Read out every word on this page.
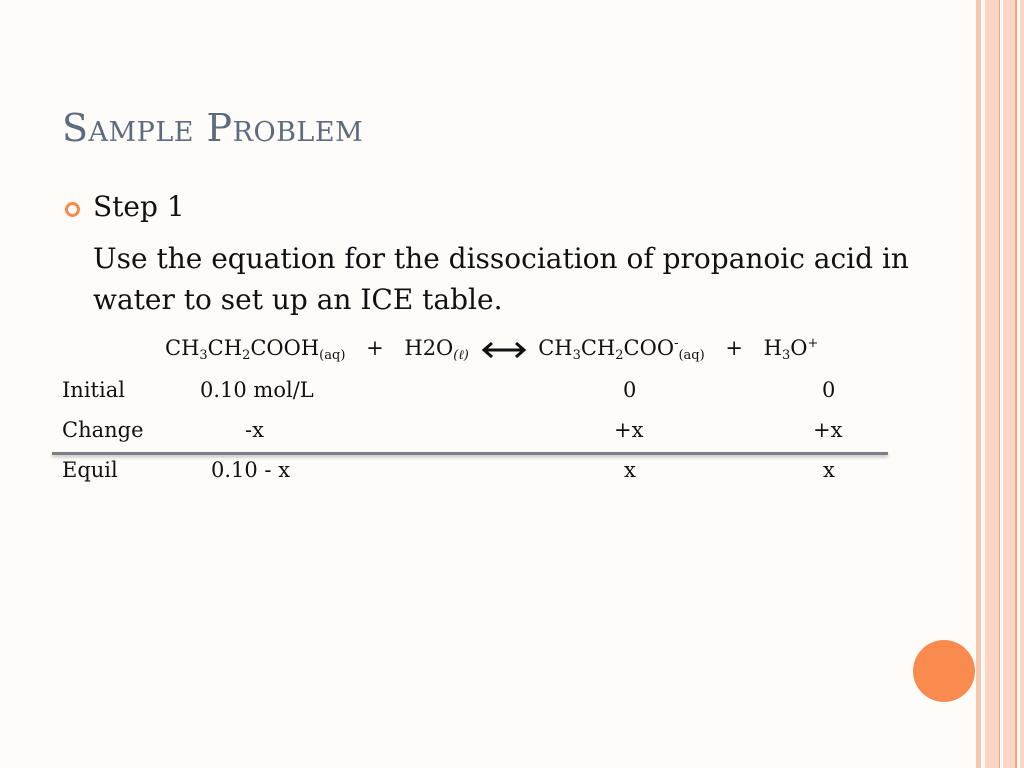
Sample Problem
Step 1
Use the equation for the dissociation of propanoic acid in water to set up an ICE table.
$CH_3CH_2COOH_{(aq)} + H2O_{(\ell)}$	$CH_3CH_2COO^-_{(aq)} + H_3O^+$
Initial	0.10 mol/L	0	0
Change	-x	+x	+x
Equil	0.10 - x	x	x
